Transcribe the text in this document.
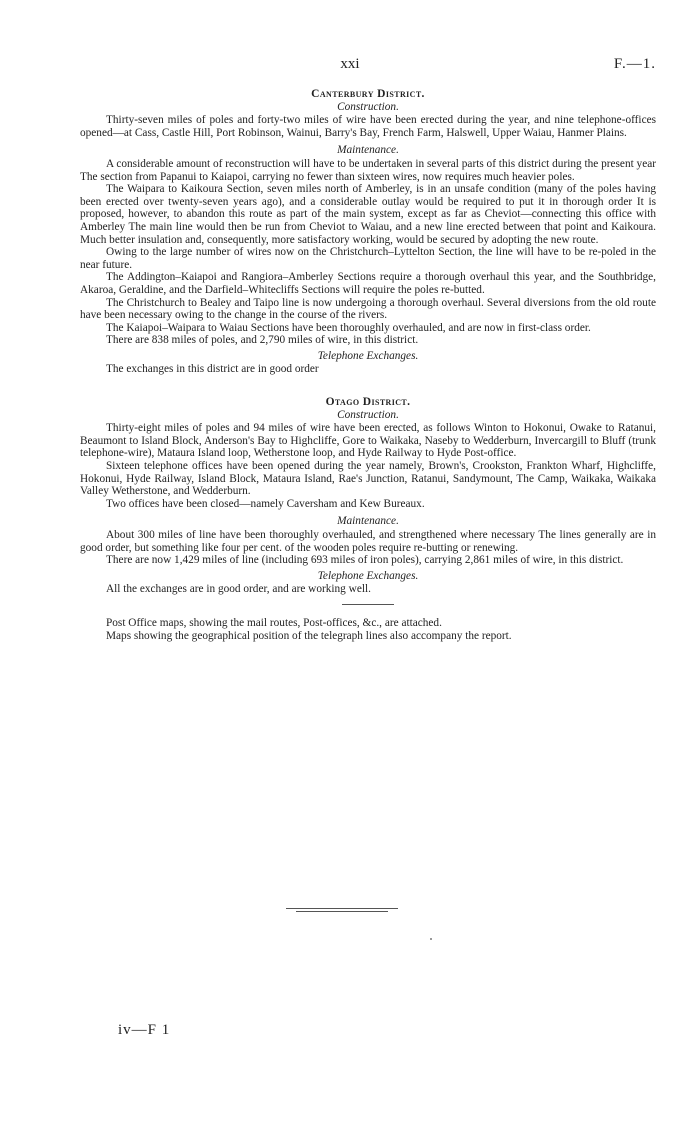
xxi	F.—1.
Canterbury District.
Construction.

Thirty-seven miles of poles and forty-two miles of wire have been erected during the year, and nine telephone-offices opened—at Cass, Castle Hill, Port Robinson, Wainui, Barry's Bay, French Farm, Halswell, Upper Waiau, Hanmer Plains.

Maintenance.

A considerable amount of reconstruction will have to be undertaken in several parts of this district during the present year The section from Papanui to Kaiapoi, carrying no fewer than sixteen wires, now requires much heavier poles.

The Waipara to Kaikoura Section, seven miles north of Amberley, is in an unsafe condition (many of the poles having been erected over twenty-seven years ago), and a considerable outlay would be required to put it in thorough order It is proposed, however, to abandon this route as part of the main system, except as far as Cheviot—connecting this office with Amberley The main line would then be run from Cheviot to Waiau, and a new line erected between that point and Kaikoura. Much better insulation and, consequently, more satisfactory working, would be secured by adopting the new route.

Owing to the large number of wires now on the Christchurch–Lyttelton Section, the line will have to be re-poled in the near future.

The Addington–Kaiapoi and Rangiora–Amberley Sections require a thorough overhaul this year, and the Southbridge, Akaroa, Geraldine, and the Darfield–Whitecliffs Sections will require the poles re-butted.

The Christchurch to Bealey and Taipo line is now undergoing a thorough overhaul. Several diversions from the old route have been necessary owing to the change in the course of the rivers.

The Kaiapoi–Waipara to Waiau Sections have been thoroughly overhauled, and are now in first-class order.

There are 838 miles of poles, and 2,790 miles of wire, in this district.

Telephone Exchanges.

The exchanges in this district are in good order

Otago District.
Construction.

Thirty-eight miles of poles and 94 miles of wire have been erected, as follows Winton to Hokonui, Owake to Ratanui, Beaumont to Island Block, Anderson's Bay to Highcliffe, Gore to Waikaka, Naseby to Wedderburn, Invercargill to Bluff (trunk telephone-wire), Mataura Island loop, Wetherstone loop, and Hyde Railway to Hyde Post-office.

Sixteen telephone offices have been opened during the year namely, Brown's, Crookston, Frankton Wharf, Highcliffe, Hokonui, Hyde Railway, Island Block, Mataura Island, Rae's Junction, Ratanui, Sandymount, The Camp, Waikaka, Waikaka Valley Wetherstone, and Wedderburn.

Two offices have been closed—namely Caversham and Kew Bureaux.

Maintenance.

About 300 miles of line have been thoroughly overhauled, and strengthened where necessary The lines generally are in good order, but something like four per cent. of the wooden poles require re-butting or renewing.

There are now 1,429 miles of line (including 693 miles of iron poles), carrying 2,861 miles of wire, in this district.

Telephone Exchanges.

All the exchanges are in good order, and are working well.

Post Office maps, showing the mail routes, Post-offices, &c., are attached.

Maps showing the geographical position of the telegraph lines also accompany the report.

iv—F 1
